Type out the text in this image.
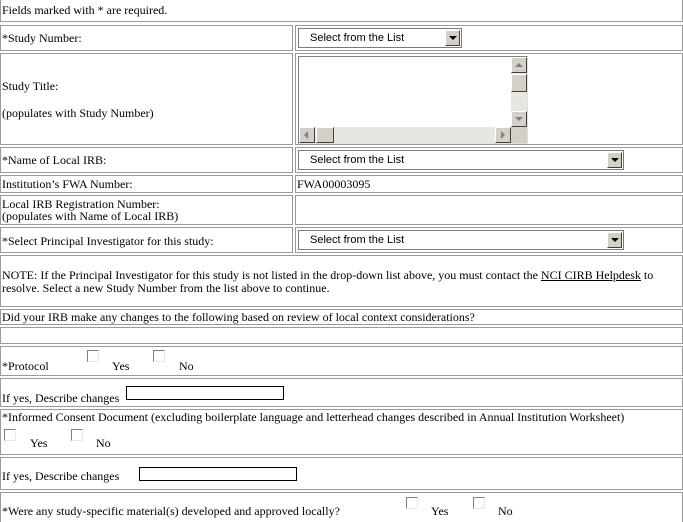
Fields marked with * are required.
*Study Number:	Select from the List
Study Title:
(populates with Study Number)
*Name of Local IRB:	Select from the List
Institution’s FWA Number:	FWA00003095
Local IRB Registration Number:
(populates with Name of Local IRB)
*Select Principal Investigator for this study:	Select from the List
NOTE: If the Principal Investigator for this study is not listed in the drop-down list above, you must contact the NCI CIRB Helpdesk to
resolve. Select a new Study Number from the list above to continue.
Did your IRB make any changes to the following based on review of local context considerations?
*Protocol	Yes	No
If yes, Describe changes
*Informed Consent Document (excluding boilerplate language and letterhead changes described in Annual Institution Worksheet)
Yes	No
If yes, Describe changes
*Were any study-specific material(s) developed and approved locally?	Yes	No
